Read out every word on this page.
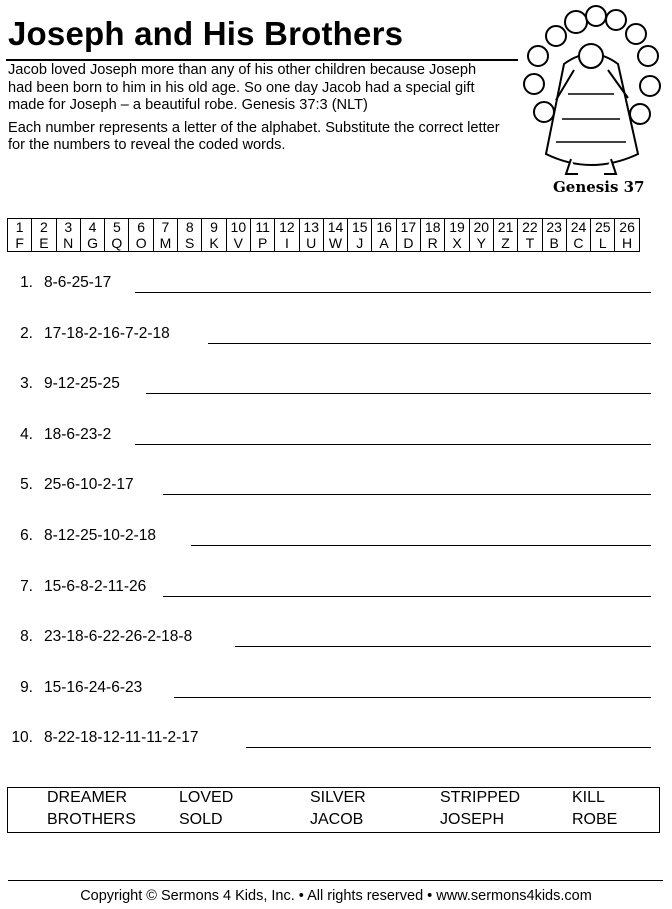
Joseph and His Brothers

Jacob loved Joseph more than any of his other children because Joseph had been born to him in his old age. So one day Jacob had a special gift made for Joseph – a beautiful robe. Genesis 37:3 (NLT)

Each number represents a letter of the alphabet. Substitute the correct letter for the numbers to reveal the coded words.

Genesis 37
1	2	3	4	5	6	7	8	9	10	11	12	13	14	15	16	17	18	19	20	21	22	23	24	25	26
F	E	N	G	Q	O	M	S	K	V	P	I	U	W	J	A	D	R	X	Y	Z	T	B	C	L	H
1. 8-6-25-17
2. 17-18-2-16-7-2-18
3. 9-12-25-25
4. 18-6-23-2
5. 25-6-10-2-17
6. 8-12-25-10-2-18
7. 15-6-8-2-11-26
8. 23-18-6-22-26-2-18-8
9. 15-16-24-6-23
10. 8-22-18-12-11-11-2-17
DREAMER	LOVED	SILVER	STRIPPED	KILL
BROTHERS	SOLD	JACOB	JOSEPH	ROBE
Copyright © Sermons 4 Kids, Inc. • All rights reserved • www.sermons4kids.com
